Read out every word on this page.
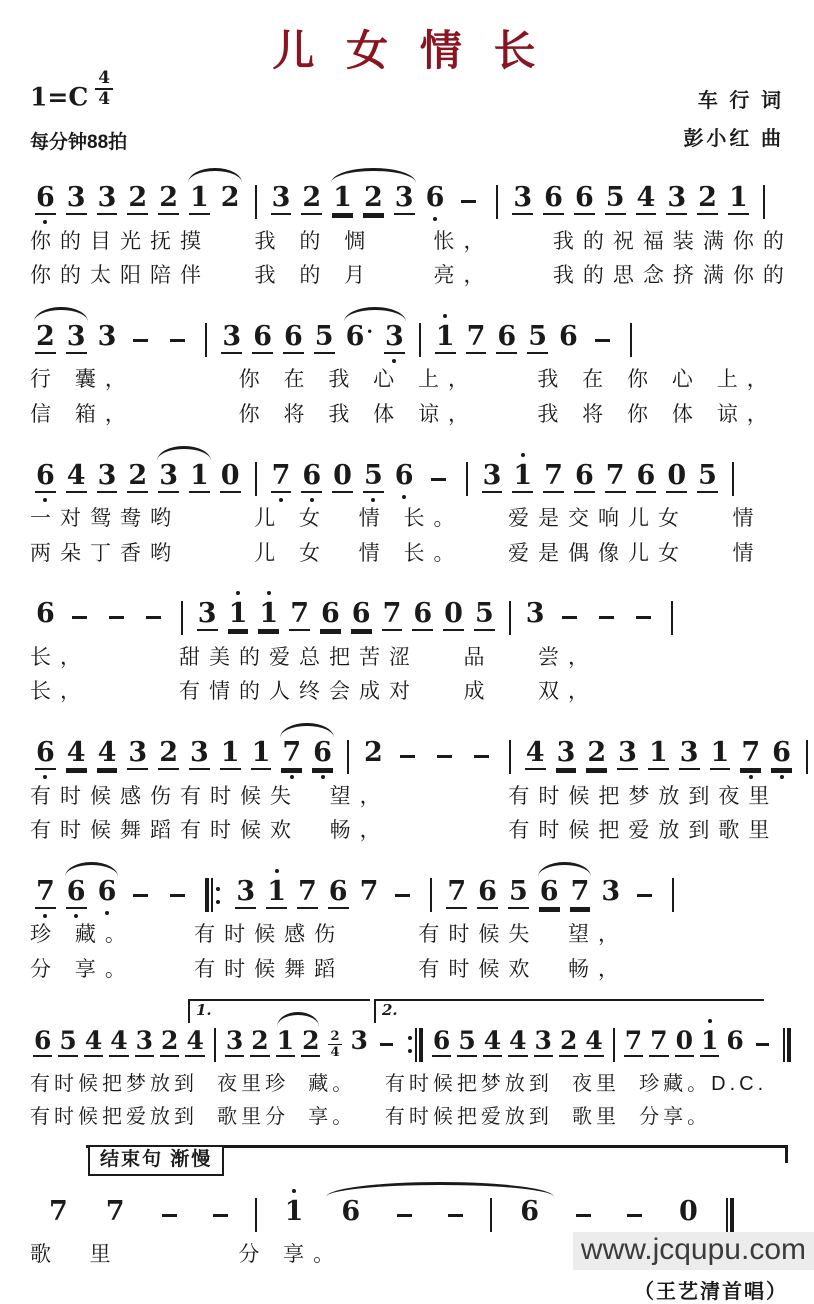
儿 女 情 长
$1=C \frac{4}{4}$
每分钟88拍
车 行 词
彭小红 曲
6 3 3 2 2 1 2 3 2 1 2 3 6	3 6 6 5 4 3 2 1
你的目光抚摸   我 的 惆    怅，    我的祝福装满你的
你的太阳陪伴   我 的 月    亮，    我的思念挤满你的
2 3 3	3 6 6 5 6 · 3 1 7 6 5 6
行 囊，       你 在 我 心 上，    我 在 你 心 上，
信 箱，       你 将 我 体 谅，    我 将 你 体 谅，
6 4 3 2 3 1 0 7 6 0 5 6	3 1 7 6 7 6 0 5
一对鸳鸯哟     儿 女  情 长。   爱是交响儿女   情
两朵丁香哟     儿 女  情 长。   爱是偶像儿女   情
6	3 1 1 7 6 6 7 6 0 5 3
长，      甜美的爱总把苦涩   品   尝，
长，      有情的人终会成对   成   双，
6 4 4 3 2 3 1 1 7 6 2	4 3 2 3 1 3 1 7 6
有时候感伤有时候失  望，        有时候把梦放到夜里
有时候舞蹈有时候欢  畅，        有时候把爱放到歌里
7 6 6	3 1 7 6 7	7 6 5 6 7 3
珍 藏。    有时候感伤     有时候失  望，
分 享。    有时候舞蹈     有时候欢  畅，
1.	2.
6 5 4 4 3 2 4 3 2 1 $2 \frac{2}{4} 3$	6 5 4 4 3 2 4 7 7 0 1 6
有时候把梦放到  夜里珍  藏。   有时候把梦放到  夜里  珍藏。D.C.
有时候把爱放到  歌里分  享。   有时候把爱放到  歌里  分享。
结束句 渐慢
7 7	1 6	6	0
歌  里        分 享。
（王艺清首唱）
www.jcqupu.com
